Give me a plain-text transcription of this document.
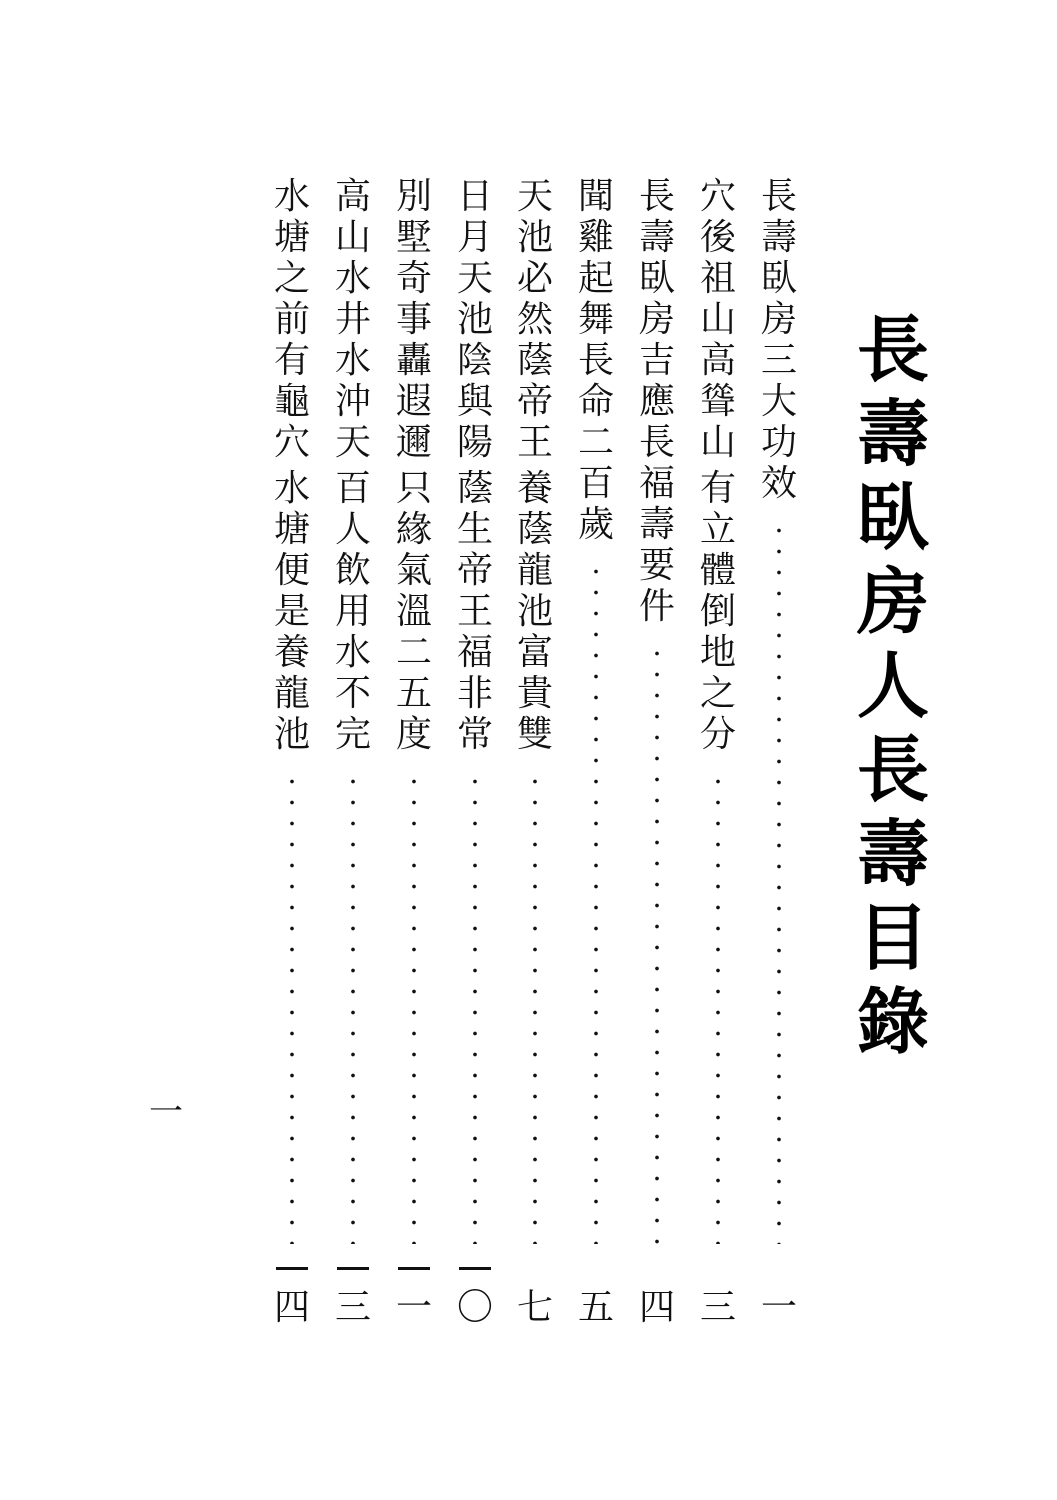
長
壽
臥
房
人
長
壽
目
錄
長
壽
臥
房
三
大
功
效
一
穴
後
祖
山
高
聳
山
有
立
體
倒
地
之
分
三
長
壽
臥
房
吉
應
長
福
壽
要
件
四
聞
雞
起
舞
長
命
二
百
歲
五
天
池
必
然
蔭
帝
王
養
蔭
龍
池
富
貴
雙
七
日
月
天
池
陰
與
陽
蔭
生
帝
王
福
非
常
〇
別
墅
奇
事
轟
遐
邇
只
緣
氣
溫
二
五
度
一
高
山
水
井
水
沖
天
百
人
飲
用
水
不
完
三
水
塘
之
前
有
龜
穴
水
塘
便
是
養
龍
池
四
一
